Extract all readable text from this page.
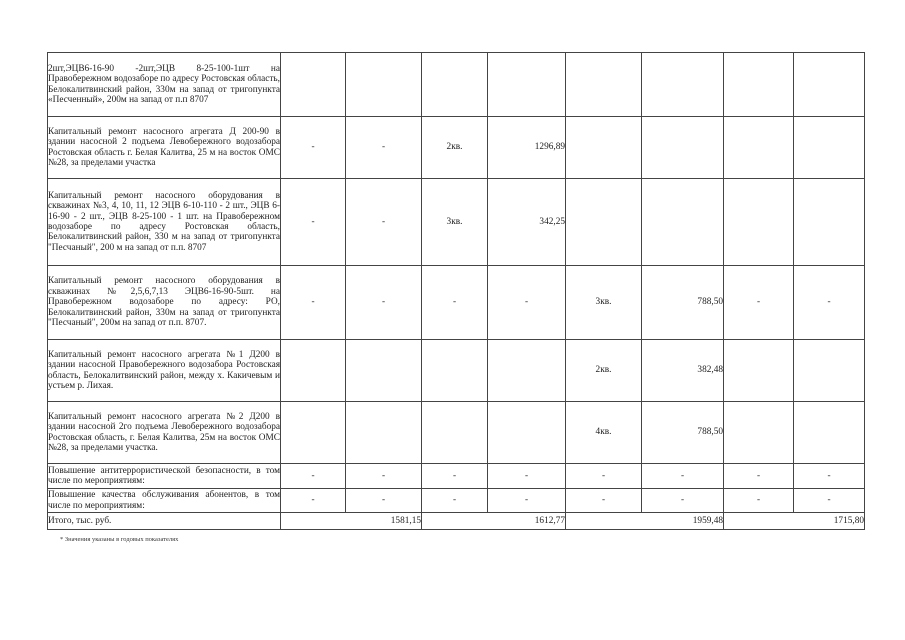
2шт,ЭЦВ6-16-90 -2шт,ЭЦВ 8-25-100-1шт на Правобережном водозаборе по адресу Ростовская область, Белокалитвинский район, 330м на запад от тригопункта «Песченный», 200м на запад от п.п 8707								
Капитальный ремонт насосного агрегата Д 200-90 в здании насосной 2 подъема Левобережного водозабора Ростовская область г. Белая Калитва, 25 м на восток ОМС №28, за пределами участка	-	-	2кв.	1296,89				
Капитальный ремонт насосного оборудования в скважинах №3, 4, 10, 11, 12 ЭЦВ 6-10-110 - 2 шт., ЭЦВ 6-16-90 - 2 шт., ЭЦВ 8-25-100 - 1 шт. на Правобережном водозаборе по адресу Ростовская область, Белокалитвинский район, 330 м на запад от тригопункта "Песчаный", 200 м на запад от п.п. 8707	-	-	3кв.	342,25				
Капитальный ремонт насосного оборудования в скважинах №2,5,6,7,13 ЭЦВ6-16-90-5шт. на Правобережном водозаборе по адресу: РО, Белокалитвинский район, 330м на запад от тригопункта "Песчаный", 200м на запад от п.п. 8707.	-	-	-	-	3кв.	788,50	-	-
Капитальный ремонт насосного агрегата №1 Д200 в здании насосной Правобережного водозабора Ростовская область, Белокалитвинский район, между х. Какичевым и устьем р. Лихая.					2кв.	382,48		
Капитальный ремонт насосного агрегата №2 Д200 в здании насосной 2го подъема Левобережного водозабора Ростовская область, г. Белая Калитва, 25м на восток ОМС №28, за пределами участка.					4кв.	788,50		
Повышение антитеррористической безопасности, в том числе по мероприятиям:	-	-	-	-	-	-	-	-
Повышение качества обслуживания абонентов, в том числе по мероприятиям:	-	-	-	-	-	-	-	-
Итого, тыс. руб.	1581,15		1612,77		1959,48		1715,80	
* Значения указаны в годовых показателях
